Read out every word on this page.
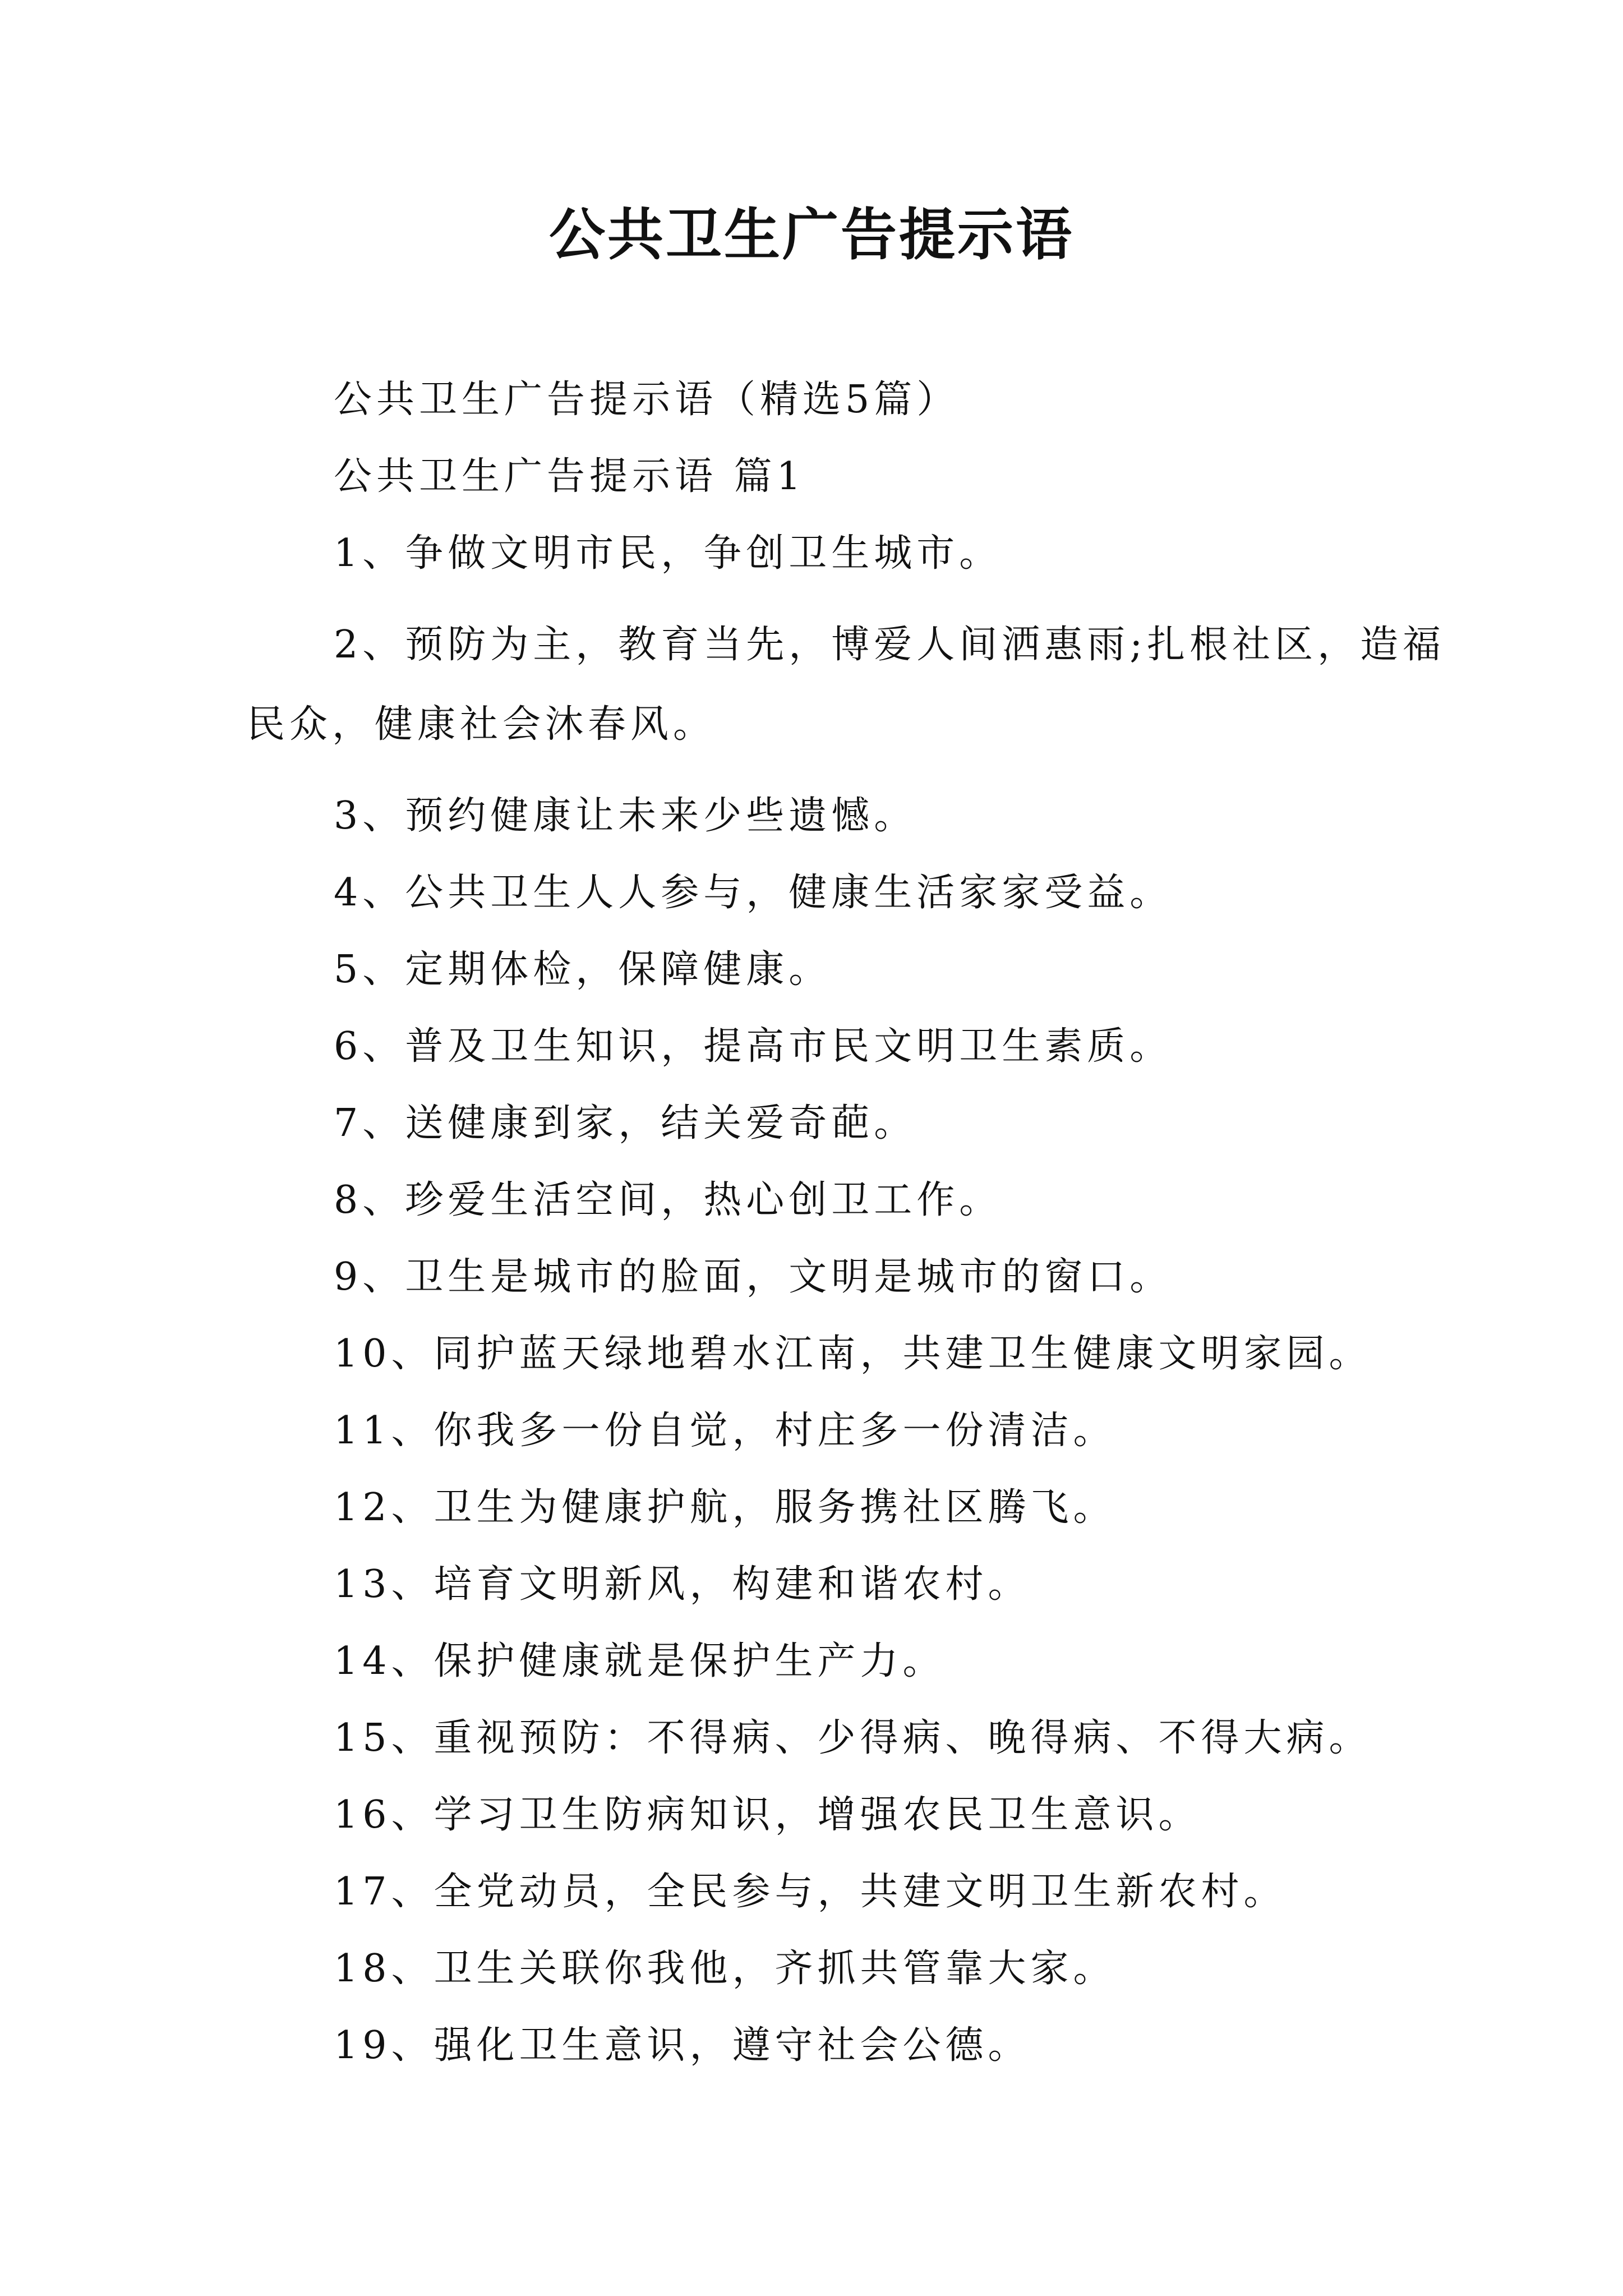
公共卫生广告提示语

公共卫生广告提示语（精选5篇）

公共卫生广告提示语 篇1

1、争做文明市民，争创卫生城市。

2、预防为主，教育当先，博爱人间洒惠雨;扎根社区，造福民众，健康社会沐春风。

3、预约健康让未来少些遗憾。

4、公共卫生人人参与，健康生活家家受益。

5、定期体检，保障健康。

6、普及卫生知识，提高市民文明卫生素质。

7、送健康到家，结关爱奇葩。

8、珍爱生活空间，热心创卫工作。

9、卫生是城市的脸面，文明是城市的窗口。

10、同护蓝天绿地碧水江南，共建卫生健康文明家园。

11、你我多一份自觉，村庄多一份清洁。

12、卫生为健康护航，服务携社区腾飞。

13、培育文明新风，构建和谐农村。

14、保护健康就是保护生产力。

15、重视预防：不得病、少得病、晚得病、不得大病。

16、学习卫生防病知识，增强农民卫生意识。

17、全党动员，全民参与，共建文明卫生新农村。

18、卫生关联你我他，齐抓共管靠大家。

19、强化卫生意识，遵守社会公德。
